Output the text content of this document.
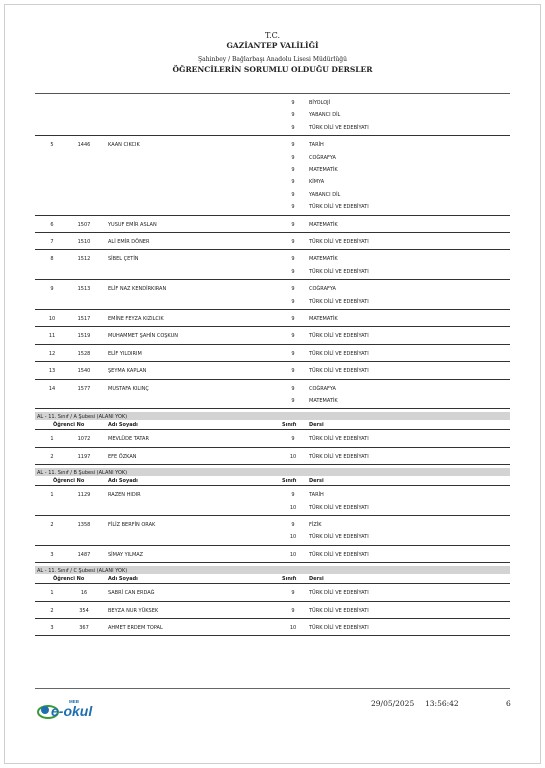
T.C.
GAZİANTEP VALİLİĞİ
Şahinbey / Bağlarbaşı Anadolu Lisesi Müdürlüğü
ÖĞRENCİLERİN SORUMLU OLDUĞU DERSLER
9	BİYOLOJİ
9	YABANCI DİL
9	TÜRK DİLİ VE EDEBİYATI
5	1446	KAAN CIKCIK	9	TARİH
9	COĞRAFYA
9	MATEMATİK
9	KİMYA
9	YABANCI DİL
9	TÜRK DİLİ VE EDEBİYATI
6	1507	YUSUF EMİR ASLAN	9	MATEMATİK
7	1510	ALİ EMİR DÖNER	9	TÜRK DİLİ VE EDEBİYATI
8	1512	SİBEL ÇETİN	9	MATEMATİK
9	TÜRK DİLİ VE EDEBİYATI
9	1513	ELİF NAZ KENDİRKIRAN	9	COĞRAFYA
9	TÜRK DİLİ VE EDEBİYATI
10	1517	EMİNE FEYZA KIZILCIK	9	MATEMATİK
11	1519	MUHAMMET ŞAHİN COŞKUN	9	TÜRK DİLİ VE EDEBİYATI
12	1528	ELİF YILDIRIM	9	TÜRK DİLİ VE EDEBİYATI
13	1540	ŞEYMA KAPLAN	9	TÜRK DİLİ VE EDEBİYATI
14	1577	MUSTAFA KILINÇ	9	COĞRAFYA
9	MATEMATİK
AL - 11. Sınıf / A Şubesi (ALANI YOK)
Öğrenci No	Adı Soyadı	Sınıfı	Dersi
1	1072	MEVLÜDE TATAR	9	TÜRK DİLİ VE EDEBİYATI
2	1197	EFE ÖZKAN	10	TÜRK DİLİ VE EDEBİYATI
AL - 11. Sınıf / B Şubesi (ALANI YOK)
Öğrenci No	Adı Soyadı	Sınıfı	Dersi
1	1129	RAZEN HIDIR	9	TARİH
10	TÜRK DİLİ VE EDEBİYATI
2	1358	FİLİZ BERFİN ORAK	9	FİZİK
10	TÜRK DİLİ VE EDEBİYATI
3	1487	SİMAY YILMAZ	10	TÜRK DİLİ VE EDEBİYATI
AL - 11. Sınıf / C Şubesi (ALANI YOK)
Öğrenci No	Adı Soyadı	Sınıfı	Dersi
1	16	SABRİ CAN ERDAĞ	9	TÜRK DİLİ VE EDEBİYATI
2	354	BEYZA NUR YÜKSEK	9	TÜRK DİLİ VE EDEBİYATI
3	367	AHMET ERDEM TOPAL	10	TÜRK DİLİ VE EDEBİYATI
MEB
e-okul	29/05/2025 13:56:42	6
